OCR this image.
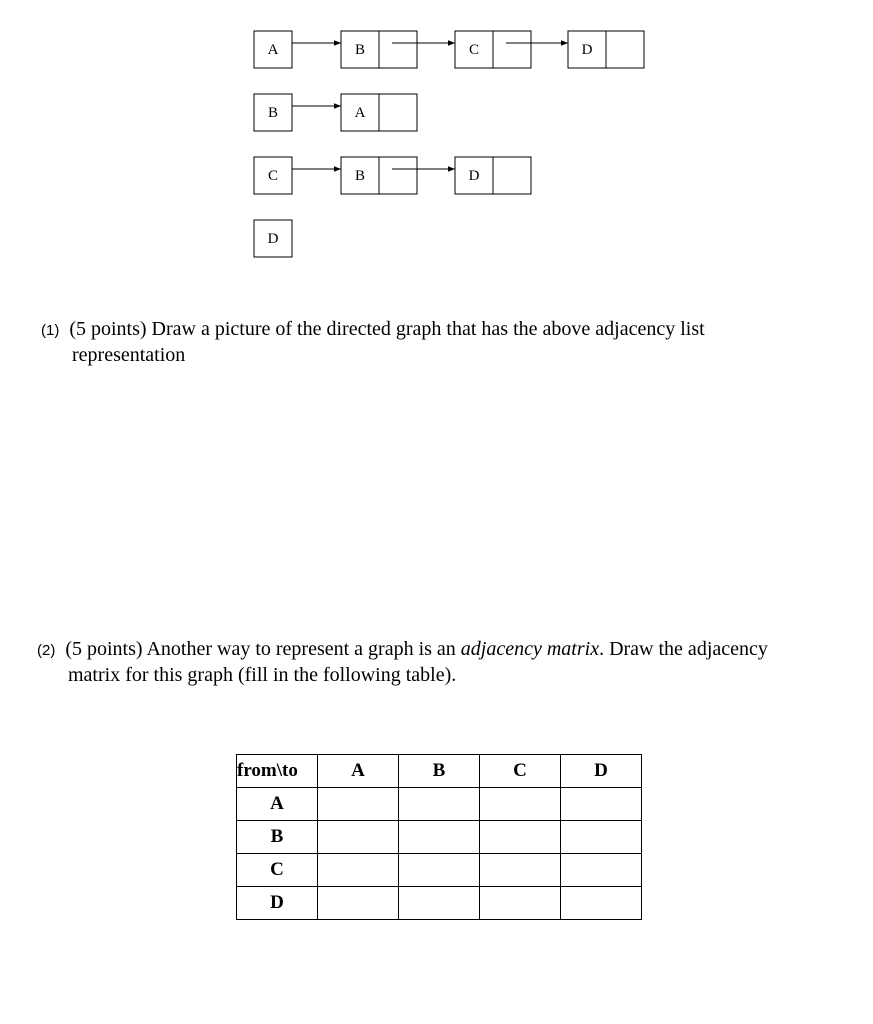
A	B	C	D
B	A
C	B	D
D
(1) (5 points) Draw a picture of the directed graph that has the above adjacency list
representation
(2) (5 points) Another way to represent a graph is an adjacency matrix. Draw the adjacency
matrix for this graph (fill in the following table).
from\to	A	B	C	D
A				
B				
C				
D				
